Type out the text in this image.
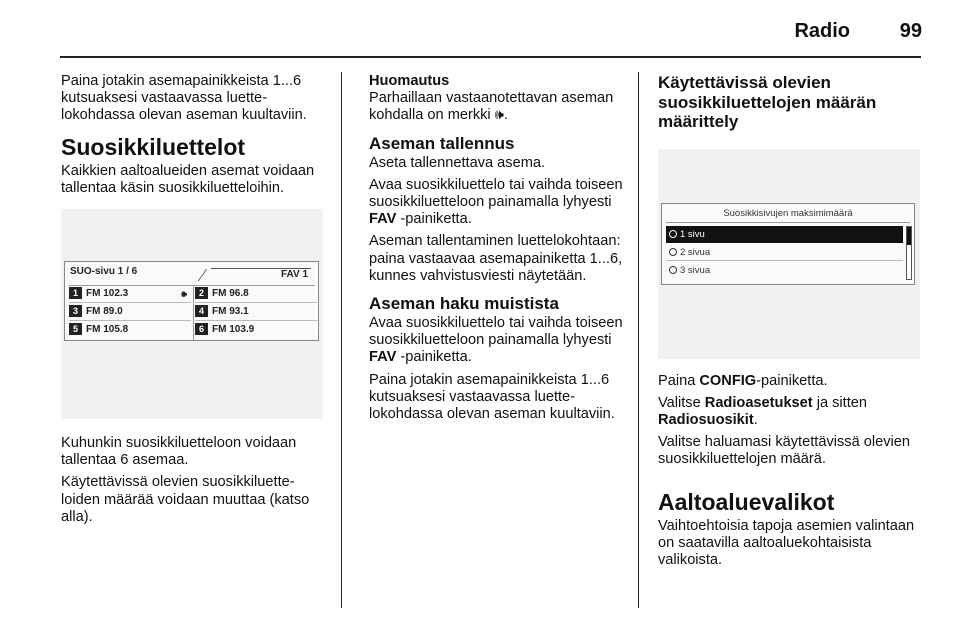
Radio	99
Paina jotakin asemapainikkeista 1...6 kutsuaksesi vastaavassa luettelokohdassa olevan aseman kuultaviin.
Suosikkiluettelot
Kaikkien aaltoalueiden asemat voidaan tallentaa käsin suosikkiluetteloihin.
SUO-sivu 1 / 6	FAV 1
1 FM 102.3	🕪	2 FM 96.8
3 FM 89.0	4 FM 93.1
5 FM 105.8	6 FM 103.9
Kuhunkin suosikkiluetteloon voidaan tallentaa 6 asemaa.
Käytettävissä olevien suosikkiluetteloiden määrää voidaan muuttaa (katso alla).
Huomautus
Parhaillaan vastaanotettavan aseman kohdalla on merkki 🕪.
Aseman tallennus
Aseta tallennettava asema.
Avaa suosikkiluettelo tai vaihda toiseen suosikkiluetteloon painamalla lyhyesti FAV -painiketta.
Aseman tallentaminen luettelokohtaan: paina vastaavaa asemapainiketta 1...6, kunnes vahvistusviesti näytetään.
Aseman haku muistista
Avaa suosikkiluettelo tai vaihda toiseen suosikkiluetteloon painamalla lyhyesti FAV -painiketta.
Paina jotakin asemapainikkeista 1...6 kutsuaksesi vastaavassa luettelokohdassa olevan aseman kuultaviin.
Käytettävissä olevien suosikkiluettelojen määrän määrittely
Suosikkisivujen maksimimäärä
1 sivu
2 sivua
3 sivua
Paina CONFIG-painiketta.
Valitse Radioasetukset ja sitten Radiosuosikit.
Valitse haluamasi käytettävissä olevien suosikkiluettelojen määrä.
Aaltoaluevalikot
Vaihtoehtoisia tapoja asemien valintaan on saatavilla aaltoaluekohtaisista valikoista.
